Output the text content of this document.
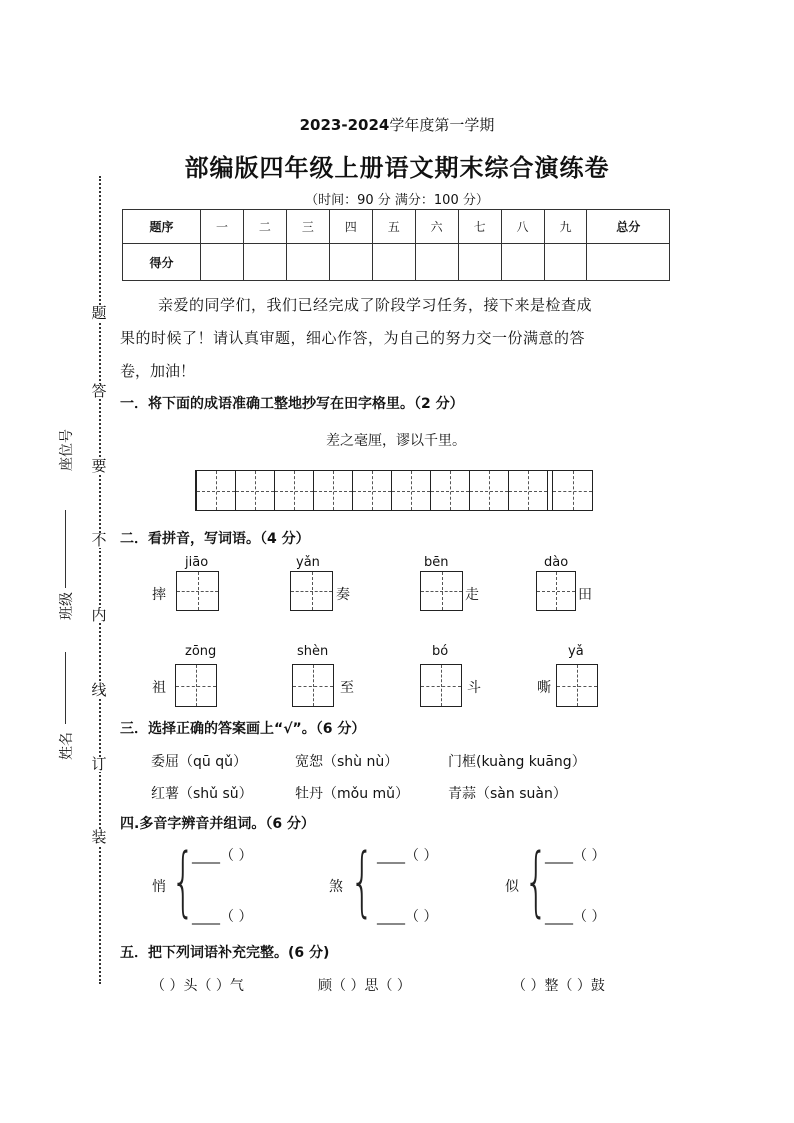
题
答
要
不
内
线
订
装
座位号
班级
姓名
2023-2024学年度第一学期
部编版四年级上册语文期末综合演练卷
（时间：90 分 满分：100 分）
题序	一	二	三	四	五	六	七	八	九	总分
得分										
亲爱的同学们，我们已经完成了阶段学习任务，接下来是检查成
果的时候了！请认真审题，细心作答，为自己的努力交一份满意的答
卷，加油！
一．将下面的成语准确工整地抄写在田字格里。（2 分）
差之毫厘，谬以千里。
二．看拼音，写词语。（4 分）
jiāo
摔
yǎn
奏
bēn
走
dào
田
zōng
祖
shèn
至
bó
斗
yǎ
嘶
三．选择正确的答案画上“√”。（6 分）
委屈（qū qǔ）	宽恕（shù nù）	门框(kuàng kuāng）
红薯（shǔ sǔ）	牡丹（mǒu mǔ）	青蒜（sàn suàn）
四.多音字辨音并组词。（6 分）
悄 {
____（ ）
____（ ）
煞 { ____（ ）
____（ ）
似 {
____（ ）
____（ ）
五．把下列词语补充完整。(6 分)
（ ）头（ ）气	顾（ ）思（ ）	（ ）整（ ）鼓
